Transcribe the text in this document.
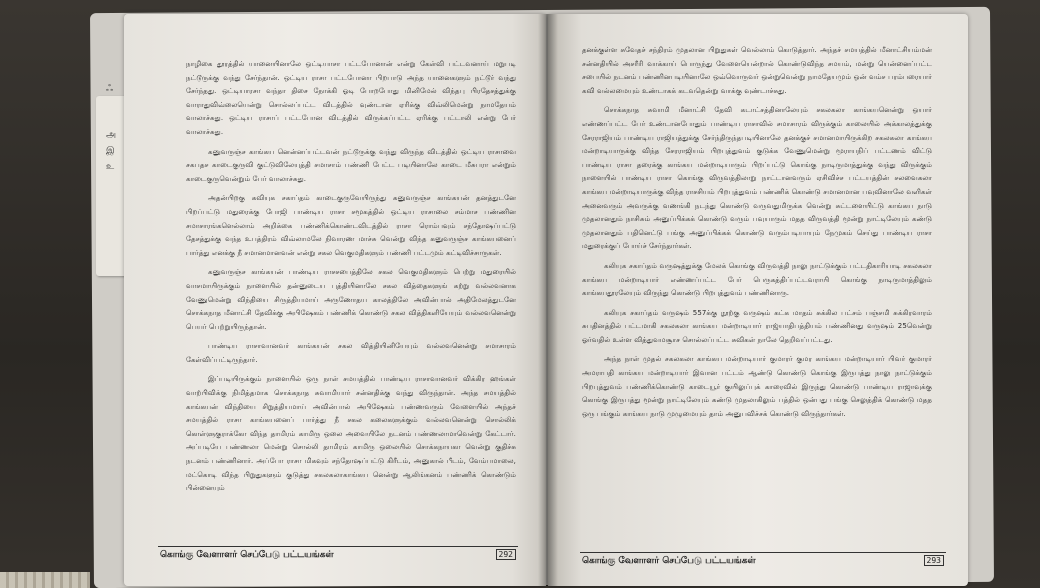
ஃ
அ
இ
உ

நாழிகை தூரத்தில் யானையினாலே ஒட்டியாசா பட்டபோனான் என்று கேள்வி பட்டவனாய் மறுபடி நட்டூருக்கு வந்து சேர்ந்தான். ஒட்டிய ராசா பட்டபோனா பிறபாடு அந்த யானைகளும் நட்டூர் வந்து சேர்ந்தது. ஒட்டியாரசா வந்தா திசை நோக்கி ஓடி போறபோது மினிமேல் விந்தபு பிரதேசத்துக்கு வாராதுவிவ்லையென்று சொல்லப்பட்ட விடத்தில் வுண்டான ஏரிக்கு விவ்லிமென்று நாமதேயம் வாலாச்சுது. ஒட்டிய ராசாப் பட்டபோன விடத்தில் விருக்கப்பட்ட ஏரிக்கு பட்டாலி என்று பேர் வாலாச்சுது.

கனுவருஞ்ச காங்கய னென்னப்பட்டவன் நட்டூருக்கு வந்து விருந்த விடத்தில் ஒட்டிய ராசாவை சகபதச காடைகுருவி குட்டுவிலேயுத்தி சமாசாம் பண்ணி பேட்ட படியினாலே காடை மீசுபரா என்றும் காடைகுருவென்றும் பேர் வாலாச்சுது.

அதன்பிறகு கவியுக சகாப்தம் காடைகுருவேயிருந்து கனுவருஞ்ச காங்கயன் தனத்துடனே பிறப்பட்டு மதுரைக்கு போஜி பாண்டிய ராசா சமூகத்தில் ஒட்டிய ராசாலை சம்மாச பண்ணின சமாசாரங்களெல்லாம் அறிக்கை பண்ணிக்கொண்டவிடத்தில் ராசா ரொம்பவும் சந்தோஷப்பட்டு தேசத்துக்கு வந்த உபத்திரம் விவ்லாமலே நிவாரண மாச்சு வென்று விந்த கனுவருஞ்ச காங்கயனைப் பார்த்து எனக்கு நீ சமானமானவன் என்று சகல வெகுமதிகளும் பண்ணி பட்டமும் கட்டிவிச்சாருகள்.

கனுவருஞ்ச காங்கயன் பாண்டிய ராசசபைத்திலே சகல வெகுமதிகளும் பெற்று மதுரையில் வாசமாயிருக்கும் நாளையில் தன்னுடைய புத்தியினாலே சகல வித்தைகளுங் கற்று வல்லவனாக வேணுமென்று விந்தியை சிருத்தியமாய் அருணோதய காலத்திலே அவின்பால் அதிமேலத்துடனே சொக்கநாத மீனாட்சி தேவிக்கு அபிஷேகம் பண்ணிக் கொண்டு சகல வித்திகளியேயும் வல்லவனென்று பெயர் பெற்றுயிருந்தான்.

பாண்டிய ராசாவானவர் காங்கயன் சகல வித்தியினியேயும் வல்லவனென்று சமாசாரம் கேள்விப்பட்டிருந்தார்.

இப்படியிருக்கும் நாளையில் ஒரு நாள் சமயத்தில் பாண்டிய ராசாவானவர் விக்கிர ஹங்கள் வாற்பிவிக்கு நிமித்தமாக சொக்கநாத சுவாமியார் சன்னதிக்கு வந்து விருந்தாள். அந்த சமயத்தில் காங்கயன் விந்தியை சிறுத்தியமாய் அவின்பால் அபிஷேகம் பண்ணவரும் வேளையில் அந்தச் சமயத்தில் ராசா காங்கயனைப் பார்த்து நீ சகல கலைகளுக்கும் வல்லவனென்று சொல்லிக் கொள்ளுகுராக்கோ விந்த தாமிரம் காமிரு ஒலை அவையிலே நடனம் பண்ணலாமாவென்று கேட்டார். அப்படியே பண்ணலா மென்று சொல்லி தாமிரம் காமிரு ஒலையில் சொக்கநாயகா வென்று குதிச்சு நடனம் பண்ணினார். அப்போ ராசா மிகவும் சந்தோஷப்பட்டு கிரீடம், அனுகால் பீடம், வேம்பமாலை, மட்கொடி விந்த பிறுதுகளும் குடுத்து சகலகலாகாங்கய னென்று ஆலிங்கனம் பண்ணிக் கொண்டும் பின்னையும்

கொங்கு வேளாளர் செப்பேடு பட்டயங்கள்	292

தனக்குள்ள சுவேதச் சந்திரம் முதலான பிறுதுகள் வெல்லாம் கொடுத்தார். அந்தச் சமயத்தில் மீனாட்சியம்மன் சன்னதியில் அசரீரி வாக்காய் பொருந்து வேளையென்றால் கொண்டுவிந்த சமயம், மன்று யென்னைப்பட்ட சபையில் நடனம் பண்ணினபடியினாலே ஒவ்வொருவர் ஒன்றுவென்று நாமதேயமும் ஒன் வம்ச பரம்பரையார் கவி வல்லமையும் உண்டாகக் கடவதென்று வாக்கு வுண்டாச்சுது.

சொக்கநாத சுவாமி மீனாட்சி தேவி கடாட்சத்தினாலேயும் சகலகலா காங்கயனென்று ஒயார் எண்ணப்பட்ட பேர் உண்டானபோதும் பாண்டிய ராசாவில் சமாசாரம் விருக்கும் காலையில் அக்காலத்துக்கு சேரராஜியம் பாண்டிய ராஜியத்துக்கு சேர்ந்திருந்தபடியினாலே தனக்குச் சமானமாயிருக்கிற சகலகலா காங்கய மன்றாடியாருக்கு விந்த சேரராஜியம் பிறபுத்துவம் குடுக்க வேணுமென்று மூராயநிப் பட்டணம் விட்டு பாண்டிய ராசா தரைக்கு காங்கய மன்றாடியாரும் பிறப்பட்டு கொங்கு நாடிருமாத்துக்கு வந்து விருக்கும் நாளையில் பாண்டிய ராசா கொங்கு விருவத்திலாறு நாட்டானவரும் ஏசிவிச்ச பட்டயத்தின் சலவைகலா காங்கய மன்றாடியாருக்கு விந்த ராசசியம் பிறபுத்துவம் பண்ணிக் கொண்டு சமானமான பவுவினாலே வளிகள் அனைவரும் அவருக்கு வணங்கி நடந்து கொண்டு வருவதுமிருக்க வென்று சுட்டளையிட்டு காங்கய நாடு முதலானதும் நாசிசும் அனுப்பிக்கக் கொண்டு வரும் பவுயாரும் மதத விருவத்தி மூன்று நாட்டிலேயும் கண்டு முதலானதும் பதினெட்டு பங்கு அனுப்பிக்கக் கொண்டு வரும்படியாயும் நேமுகம் செய்து பாண்டிய ராசா மதுரைக்குப் போய்ச் சேர்ந்தார்கள்.

கலியுக சகாப்தம் வருஷத்துக்கு மேலக் கொங்கு விருவத்தி நாலு நாட்டுக்கும் பட்டதிகாரியாடி சகலகலா காங்கய மன்றாடியார் எண்ணப்பட்ட பேர் பெருகத்திப்பட்டவராயி கொங்கு நாடிருமாத்திலும் காங்கயதூரலேயும் விருந்து கொண்டு பிறபுத்துவம் பண்ணினாரு.

கலியுக சகாப்தம் வருஷம் 557க்கு நூற்கு வருஷம் கட்க மாதம் சுக்கில பட்சம் பஞ்சமி சுக்கிரவாரம் சுபதினத்தில் பட்டமாகி சகலகலா காங்கய மன்றாடியார் ராஜ்யாதிபத்தியம் பண்ணினது வருஷம் 25வென்று ஓர்வதில் உள்ள வித்துவமசூாச சொல்லப்பட்ட சுவிகள் நாலே தெறிவப்பட்டது.

அந்த நாள் முதல் சகலகலா காங்கய மன்றாடியார் குமாரர் குமர காங்கய மன்றாடியார் பிவர் குமாரர் அமராபதி காங்கய மன்றாடியார் இவான பட்டம் ஆண்டு கொண்டு கொங்கு இருபத்து நாலு நாட்டுக்கும் பிறபுத்துவம் பண்ணிக்கொண்டு காடையூர் குயிலுப்புக் காரைவில் இருந்து கொண்டு பாண்டிய ராஜாவுக்கு கொங்கு இருபத்து மூன்று நாட்டிலேயும் கண்டு முதலாகிலும் பத்தில் ஒன்பது பங்கு செலுத்திக் கொண்டு மதத ஒரு பங்கும் காங்கய நாடு முழுமையும் தாம் அனுபவிச்சக் கொண்டு விருந்தார்கள்.

கொங்கு வேளாளர் செப்பேடு பட்டயங்கள்	293
